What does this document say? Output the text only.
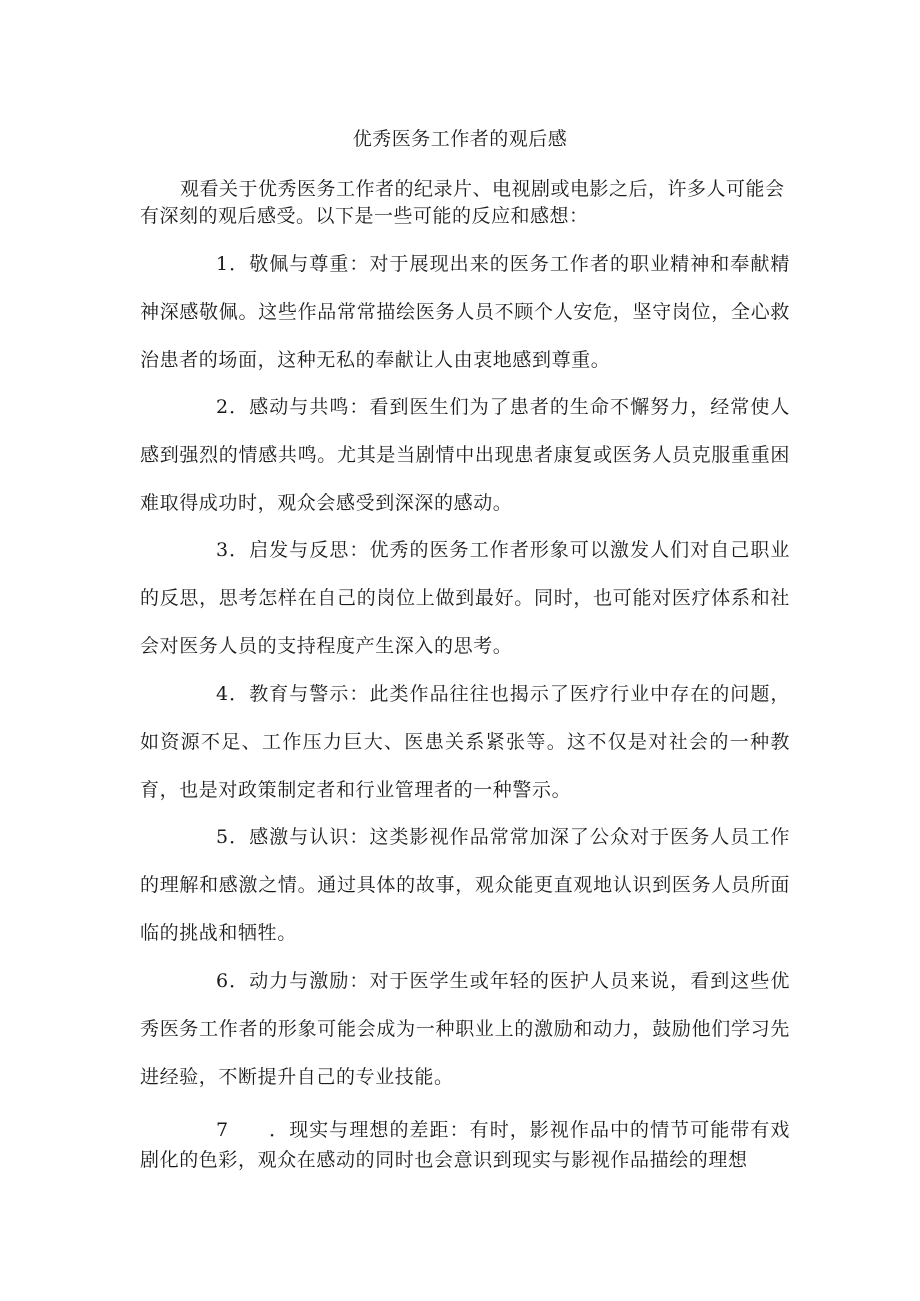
优秀医务工作者的观后感

观看关于优秀医务工作者的纪录片、电视剧或电影之后，许多人可能会有深刻的观后感受。以下是一些可能的反应和感想：

1．敬佩与尊重：对于展现出来的医务工作者的职业精神和奉献精神深感敬佩。这些作品常常描绘医务人员不顾个人安危，坚守岗位，全心救治患者的场面，这种无私的奉献让人由衷地感到尊重。

2．感动与共鸣：看到医生们为了患者的生命不懈努力，经常使人感到强烈的情感共鸣。尤其是当剧情中出现患者康复或医务人员克服重重困难取得成功时，观众会感受到深深的感动。

3．启发与反思：优秀的医务工作者形象可以激发人们对自己职业的反思，思考怎样在自己的岗位上做到最好。同时，也可能对医疗体系和社会对医务人员的支持程度产生深入的思考。

4．教育与警示：此类作品往往也揭示了医疗行业中存在的问题，如资源不足、工作压力巨大、医患关系紧张等。这不仅是对社会的一种教育，也是对政策制定者和行业管理者的一种警示。

5．感激与认识：这类影视作品常常加深了公众对于医务人员工作的理解和感激之情。通过具体的故事，观众能更直观地认识到医务人员所面临的挑战和牺牲。

6．动力与激励：对于医学生或年轻的医护人员来说，看到这些优秀医务工作者的形象可能会成为一种职业上的激励和动力，鼓励他们学习先进经验，不断提升自己的专业技能。

7 ．现实与理想的差距：有时，影视作品中的情节可能带有戏剧化的色彩，观众在感动的同时也会意识到现实与影视作品描绘的理想
